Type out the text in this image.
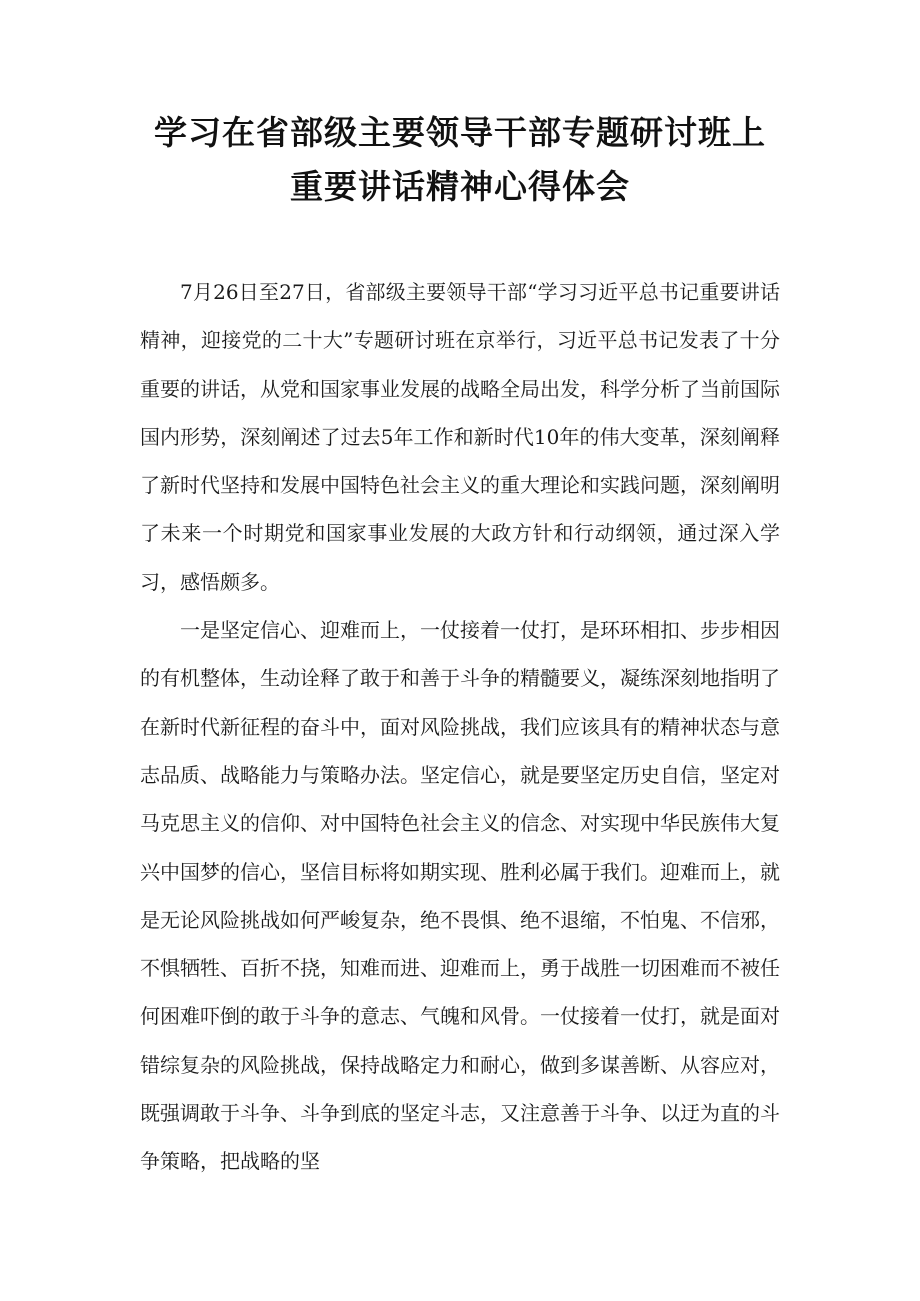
学习在省部级主要领导干部专题研讨班上
重要讲话精神心得体会

7月26日至27日，省部级主要领导干部“学习习近平总书记重要讲话精神，迎接党的二十大”专题研讨班在京举行，习近平总书记发表了十分重要的讲话，从党和国家事业发展的战略全局出发，科学分析了当前国际国内形势，深刻阐述了过去5年工作和新时代10年的伟大变革，深刻阐释了新时代坚持和发展中国特色社会主义的重大理论和实践问题，深刻阐明了未来一个时期党和国家事业发展的大政方针和行动纲领，通过深入学习，感悟颇多。

一是坚定信心、迎难而上，一仗接着一仗打，是环环相扣、步步相因的有机整体，生动诠释了敢于和善于斗争的精髓要义，凝练深刻地指明了在新时代新征程的奋斗中，面对风险挑战，我们应该具有的精神状态与意志品质、战略能力与策略办法。坚定信心，就是要坚定历史自信，坚定对马克思主义的信仰、对中国特色社会主义的信念、对实现中华民族伟大复兴中国梦的信心，坚信目标将如期实现、胜利必属于我们。迎难而上，就是无论风险挑战如何严峻复杂，绝不畏惧、绝不退缩，不怕鬼、不信邪，不惧牺牲、百折不挠，知难而进、迎难而上，勇于战胜一切困难而不被任何困难吓倒的敢于斗争的意志、气魄和风骨。一仗接着一仗打，就是面对错综复杂的风险挑战，保持战略定力和耐心，做到多谋善断、从容应对，既强调敢于斗争、斗争到底的坚定斗志，又注意善于斗争、以迂为直的斗争策略，把战略的坚
